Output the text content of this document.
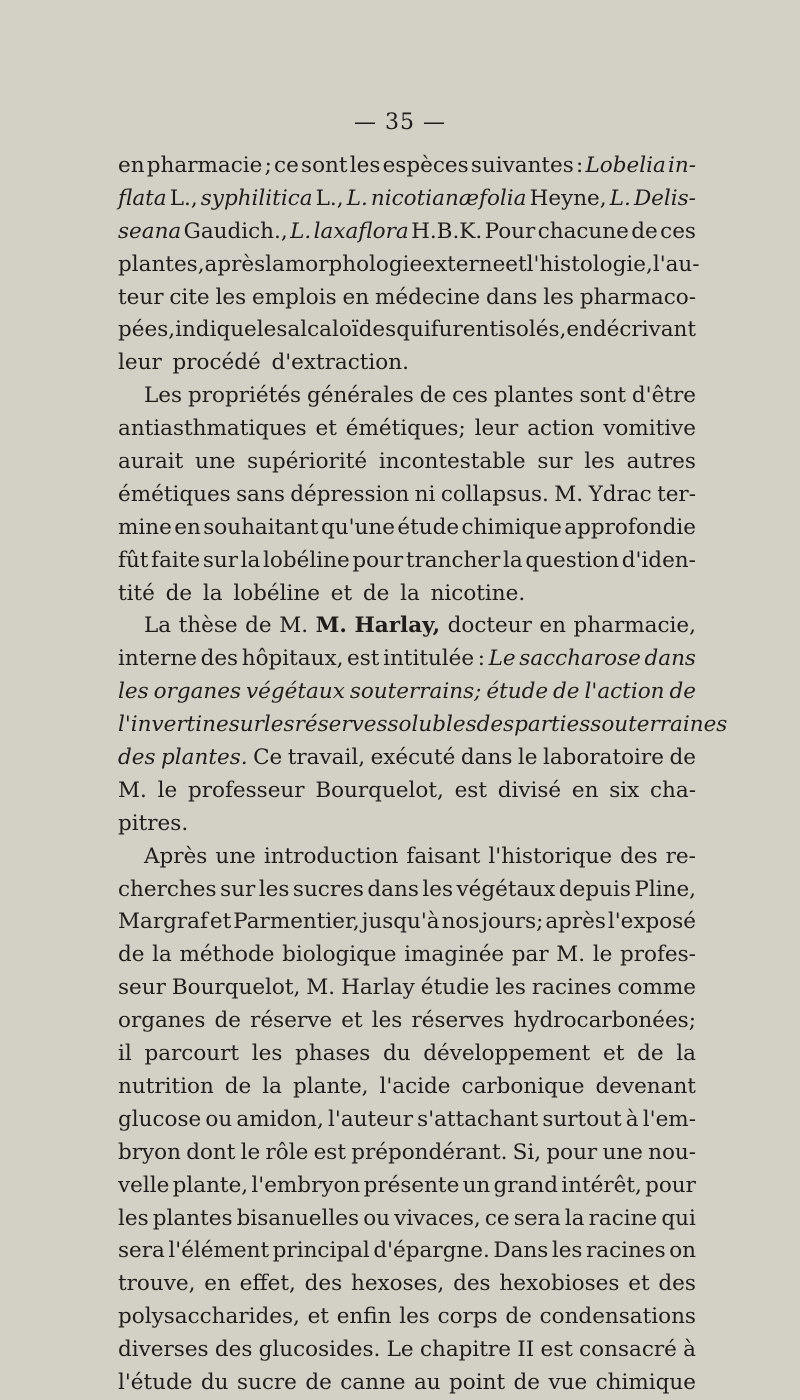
— 35 —
en pharmacie ; ce sont les espèces suivantes : Lobelia in-
flata L., syphilitica L., L. nicotianæfolia Heyne, L. Delis-
seana Gaudich., L. laxaflora H.B.K. Pour chacune de ces
plantes, après la morphologie externe et l'histologie, l'au-
teur cite les emplois en médecine dans les pharmaco-
pées, indique les alcaloïdes qui furent isolés, en décrivant
leur procédé d'extraction.
Les propriétés générales de ces plantes sont d'être
antiasthmatiques et émétiques; leur action vomitive
aurait une supériorité incontestable sur les autres
émétiques sans dépression ni collapsus. M. Ydrac ter-
mine en souhaitant qu'une étude chimique approfondie
fût faite sur la lobéline pour trancher la question d'iden-
tité de la lobéline et de la nicotine.
La thèse de M. M. Harlay, docteur en pharmacie,
interne des hôpitaux, est intitulée : Le saccharose dans
les organes végétaux souterrains; étude de l'action de
l'invertine sur les réserves solubles des parties souterraines
des plantes. Ce travail, exécuté dans le laboratoire de
M. le professeur Bourquelot, est divisé en six cha-
pitres.
Après une introduction faisant l'historique des re-
cherches sur les sucres dans les végétaux depuis Pline,
Margraf et Parmentier, jusqu'à nos jours; après l'exposé
de la méthode biologique imaginée par M. le profes-
seur Bourquelot, M. Harlay étudie les racines comme
organes de réserve et les réserves hydrocarbonées;
il parcourt les phases du développement et de la
nutrition de la plante, l'acide carbonique devenant
glucose ou amidon, l'auteur s'attachant surtout à l'em-
bryon dont le rôle est prépondérant. Si, pour une nou-
velle plante, l'embryon présente un grand intérêt, pour
les plantes bisanuelles ou vivaces, ce sera la racine qui
sera l'élément principal d'épargne. Dans les racines on
trouve, en effet, des hexoses, des hexobioses et des
polysaccharides, et enfin les corps de condensations
diverses des glucosides. Le chapitre II est consacré à
l'étude du sucre de canne au point de vue chimique
